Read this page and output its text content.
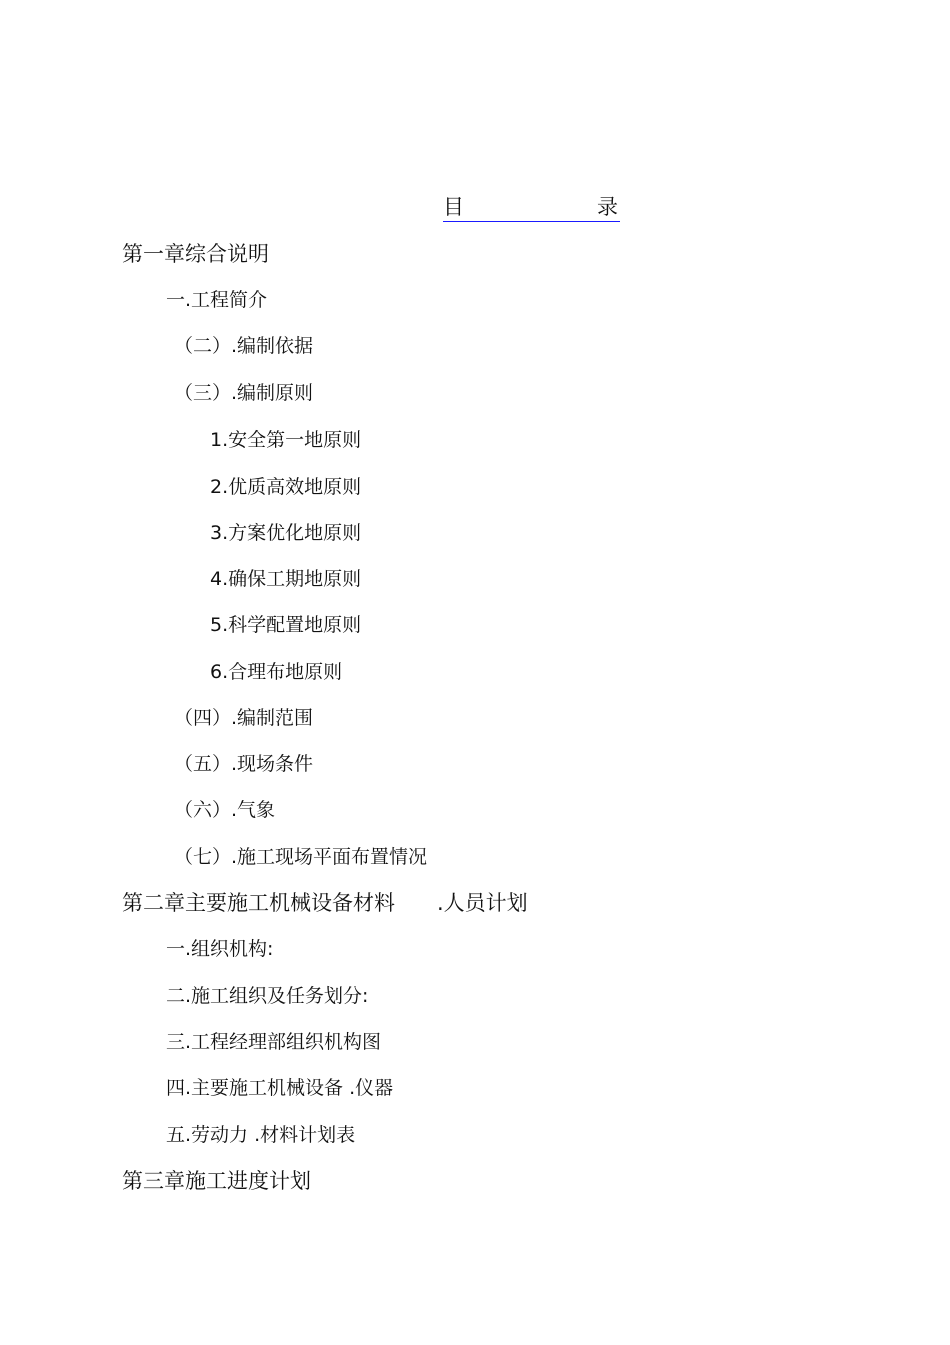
目	录
第一章综合说明
一.工程简介
（二）.编制依据
（三）.编制原则
1.安全第一地原则
2.优质高效地原则
3.方案优化地原则
4.确保工期地原则
5.科学配置地原则
6.合理布地原则
（四）.编制范围
（五）.现场条件
（六）.气象
（七）.施工现场平面布置情况
第二章主要施工机械设备材料　　.人员计划
一.组织机构:
二.施工组织及任务划分:
三.工程经理部组织机构图
四.主要施工机械设备 .仪器
五.劳动力 .材料计划表
第三章施工进度计划
